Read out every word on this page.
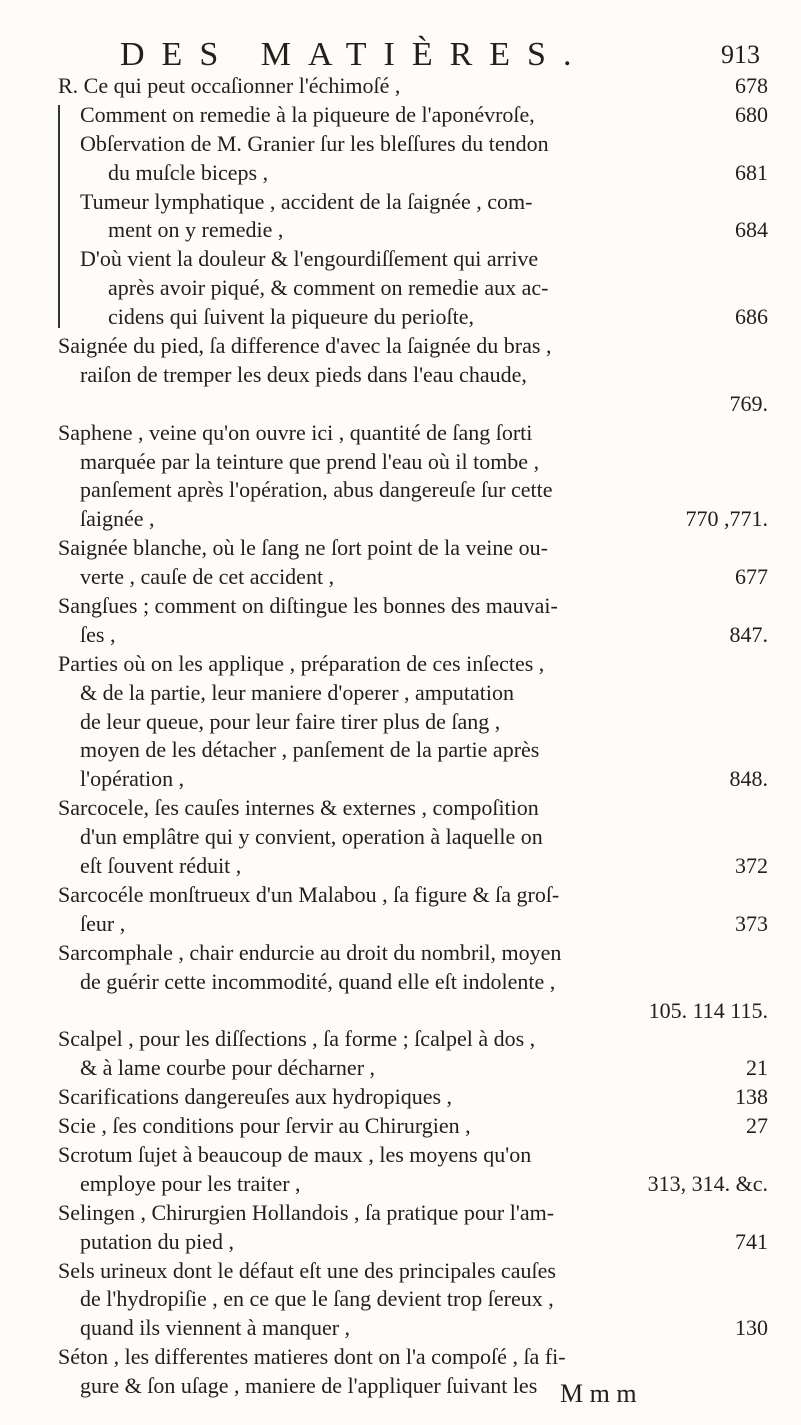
DES MATIÈRES.	913
R. Ce qui peut occaſionner l'échimoſé ,	678
Comment on remedie à la piqueure de l'aponévroſe,	680
Obſervation de M. Granier ſur les bleſſures du tendon
du muſcle biceps ,	681
Tumeur lymphatique , accident de la ſaignée , com-
ment on y remedie ,	684
D'où vient la douleur & l'engourdiſſement qui arrive
après avoir piqué, & comment on remedie aux ac-
cidens qui ſuivent la piqueure du perioſte,	686
Saignée du pied, ſa difference d'avec la ſaignée du bras ,
raiſon de tremper les deux pieds dans l'eau chaude,
769.
Saphene , veine qu'on ouvre ici , quantité de ſang ſorti
marquée par la teinture que prend l'eau où il tombe ,
panſement après l'opération, abus dangereuſe ſur cette
ſaignée ,	770 ,771.
Saignée blanche, où le ſang ne ſort point de la veine ou-
verte , cauſe de cet accident ,	677
Sangſues ; comment on diſtingue les bonnes des mauvai-
ſes ,	847.
Parties où on les applique , préparation de ces inſectes ,
& de la partie, leur maniere d'operer , amputation
de leur queue, pour leur faire tirer plus de ſang ,
moyen de les détacher , panſement de la partie après
l'opération ,	848.
Sarcocele, ſes cauſes internes & externes , compoſition
d'un emplâtre qui y convient, operation à laquelle on
eſt ſouvent réduit ,	372
Sarcocéle monſtrueux d'un Malabou , ſa figure & ſa groſ-
ſeur ,	373
Sarcomphale , chair endurcie au droit du nombril, moyen
de guérir cette incommodité, quand elle eſt indolente ,
105. 114 115.
Scalpel , pour les diſſections , ſa forme ; ſcalpel à dos ,
& à lame courbe pour décharner ,	21
Scarifications dangereuſes aux hydropiques ,	138
Scie , ſes conditions pour ſervir au Chirurgien ,	27
Scrotum ſujet à beaucoup de maux , les moyens qu'on
employe pour les traiter ,	313, 314. &c.
Selingen , Chirurgien Hollandois , ſa pratique pour l'am-
putation du pied ,	741
Sels urineux dont le défaut eſt une des principales cauſes
de l'hydropiſie , en ce que le ſang devient trop ſereux ,
quand ils viennent à manquer ,	130
Séton , les differentes matieres dont on l'a compoſé , ſa fi-
gure & ſon uſage , maniere de l'appliquer ſuivant les M m m
